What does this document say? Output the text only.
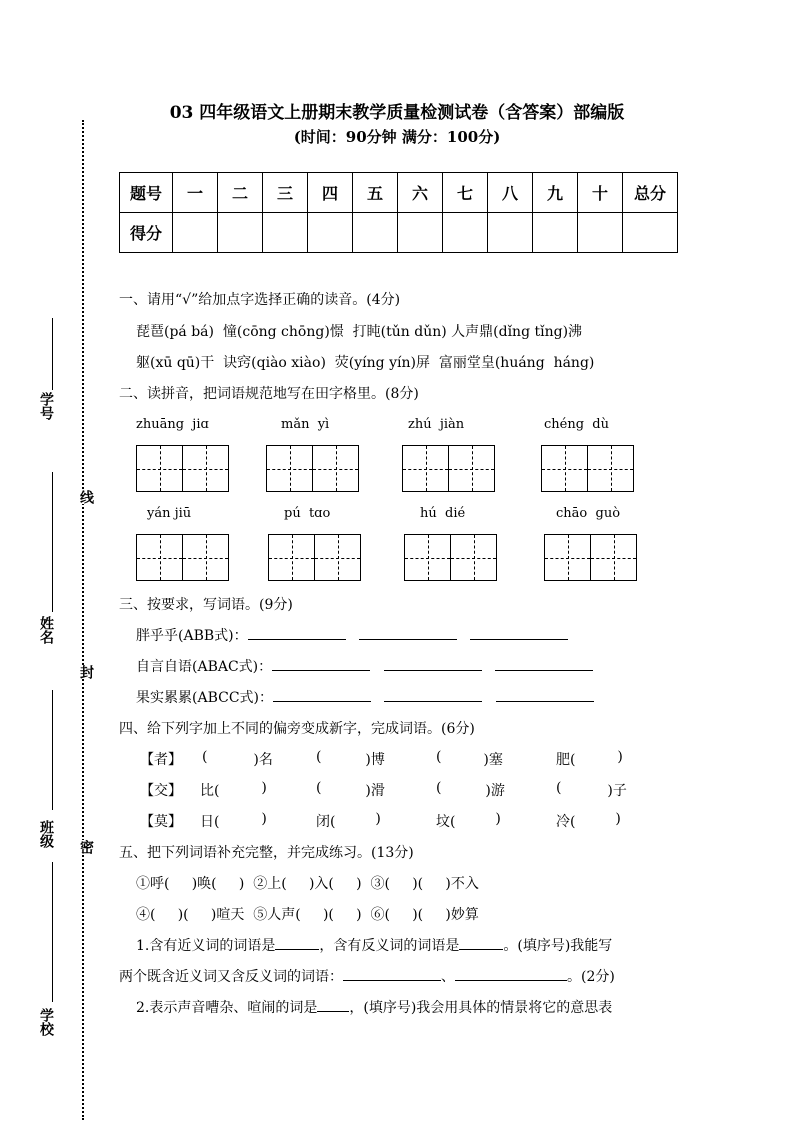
学号
姓名
班级
学校
线
封
密
03 四年级语文上册期末教学质量检测试卷（含答案）部编版
(时间：90分钟 满分：100分)
题号	一	二	三	四	五	六	七	八	九	十	总分
得分											
一、请用“√”给加点字选择正确的读音。(4分)
琵琶(pá bá)  憧(cōng chōng)憬  打盹(tǔn dǔn) 人声鼎(dǐng tǐng)沸
躯(xū qū)干  诀窍(qiào xiào)  荧(yíng yín)屏  富丽堂皇(huáng  háng)
二、读拼音，把词语规范地写在田字格里。(8分)
zhuāng  jiɑ	mǎn  yì	zhú  jiàn	chéng  dù
yán jiū	pú  tɑo	hú  dié	chāo  guò
三、按要求，写词语。(9分)
胖乎乎(ABB式)：
自言自语(ABAC式)：
果实累累(ABCC式)：
四、给下列字加上不同的偏旁变成新字，完成词语。(6分)
【者】 ( )名	( )博	( )塞	肥( )
【交】 比( )	( )滑	( )游	( )子
【莫】 日( )	闭( )	坟( )	冷( )
五、把下列词语补充完整，并完成练习。(13分)
①呼(     )唤(     )  ②上(     )入(     )  ③(     )(     )不入
④(     )(     )喧天  ⑤人声(     )(     )  ⑥(     )(     )妙算
1.含有近义词的词语是	，含有反义词的词语是	。(填序号)我能写
两个既含近义词又含反义词的词语：	、	。(2分)
2.表示声音嘈杂、喧闹的词是 ，(填序号)我会用具体的情景将它的意思表
